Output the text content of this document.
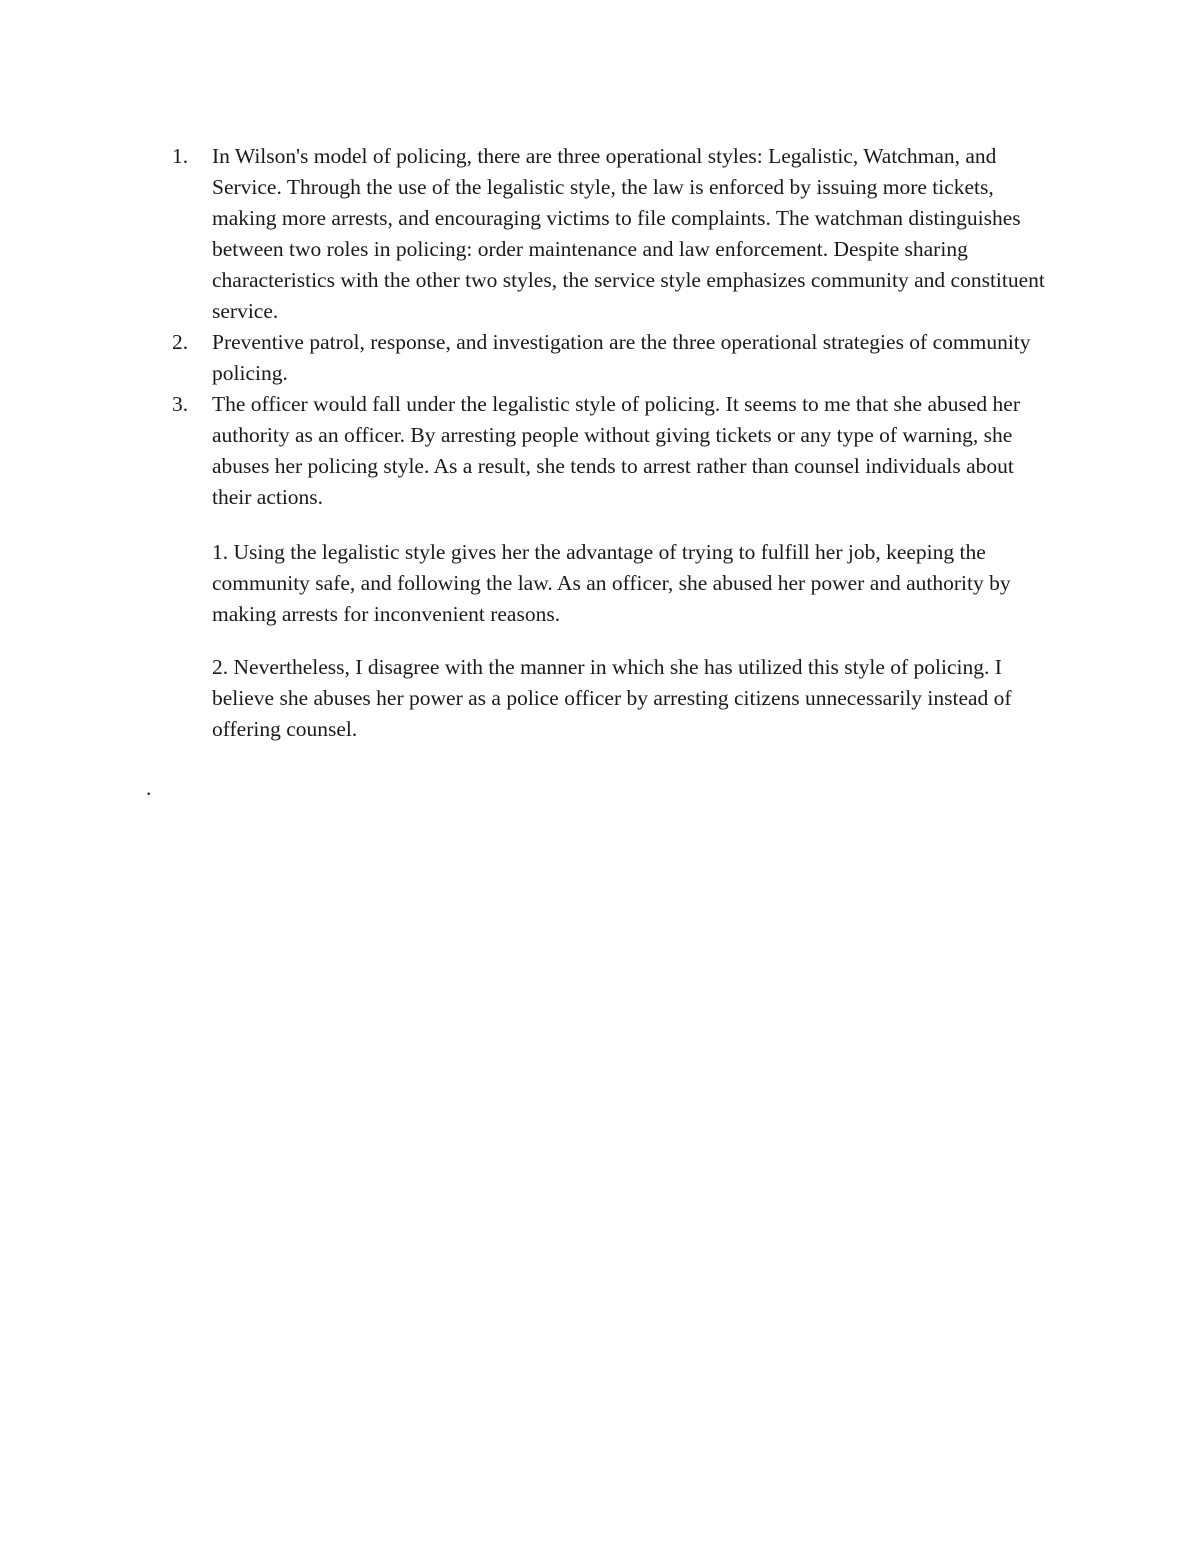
1.	In Wilson's model of policing, there are three operational styles: Legalistic, Watchman, and Service. Through the use of the legalistic style, the law is enforced by issuing more tickets, making more arrests, and encouraging victims to file complaints. The watchman distinguishes between two roles in policing: order maintenance and law enforcement. Despite sharing characteristics with the other two styles, the service style emphasizes community and constituent service.
2.	Preventive patrol, response, and investigation are the three operational strategies of community policing.
3.	The officer would fall under the legalistic style of policing. It seems to me that she abused her authority as an officer. By arresting people without giving tickets or any type of warning, she abuses her policing style. As a result, she tends to arrest rather than counsel individuals about their actions.
1. Using the legalistic style gives her the advantage of trying to fulfill her job, keeping the community safe, and following the law. As an officer, she abused her power and authority by making arrests for inconvenient reasons.
2. Nevertheless, I disagree with the manner in which she has utilized this style of policing. I believe she abuses her power as a police officer by arresting citizens unnecessarily instead of offering counsel.
.
